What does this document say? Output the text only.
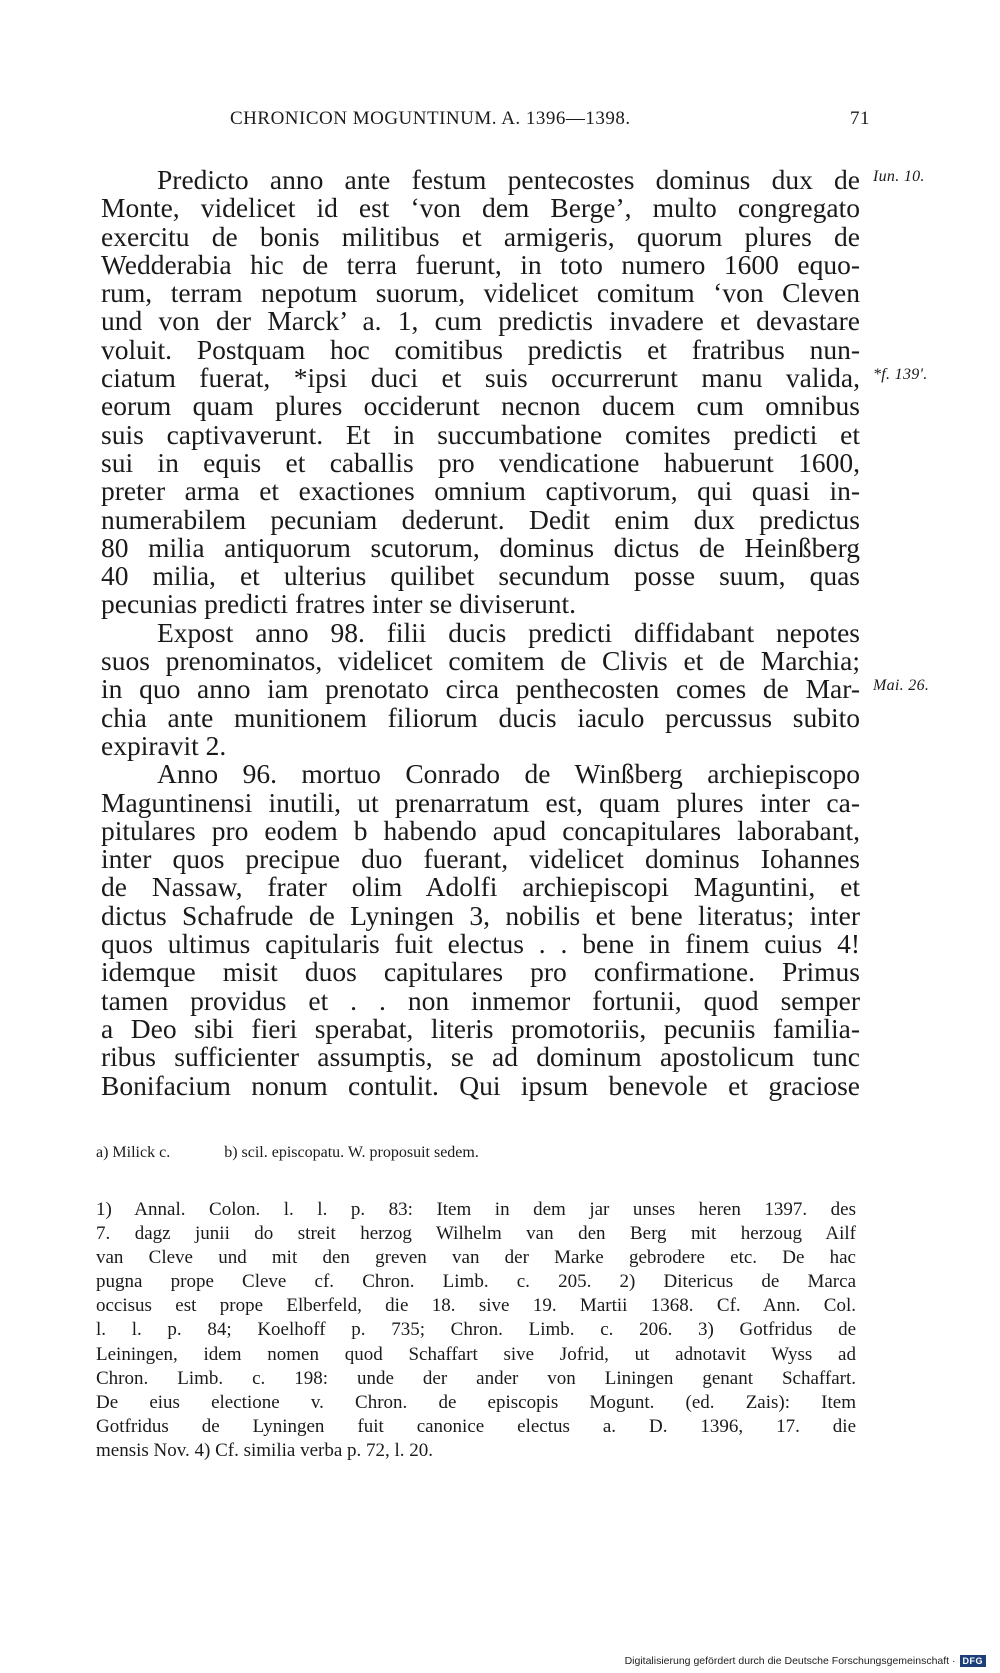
CHRONICON MOGUNTINUM. A. 1396—1398.	71
Predicto anno ante festum pentecostes dominus dux de
Monte, videlicet id est ‘von dem Berge’, multo congregato
exercitu de bonis militibus et armigeris, quorum plures de
Wedderabia hic de terra fuerunt, in toto numero 1600 equo-
rum, terram nepotum suorum, videlicet comitum ‘von Cleven
und von der Marck’ a. 1, cum predictis invadere et devastare
voluit. Postquam hoc comitibus predictis et fratribus nun-
ciatum fuerat, *ipsi duci et suis occurrerunt manu valida,
eorum quam plures occiderunt necnon ducem cum omnibus
suis captivaverunt. Et in succumbatione comites predicti et
sui in equis et caballis pro vendicatione habuerunt 1600,
preter arma et exactiones omnium captivorum, qui quasi in-
numerabilem pecuniam dederunt. Dedit enim dux predictus
80 milia antiquorum scutorum, dominus dictus de Heinßberg
40 milia, et ulterius quilibet secundum posse suum, quas
pecunias predicti fratres inter se diviserunt.
Expost anno 98. filii ducis predicti diffidabant nepotes
suos prenominatos, videlicet comitem de Clivis et de Marchia;
in quo anno iam prenotato circa penthecosten comes de Mar-
chia ante munitionem filiorum ducis iaculo percussus subito
expiravit 2.
Anno 96. mortuo Conrado de Winßberg archiepiscopo
Maguntinensi inutili, ut prenarratum est, quam plures inter ca-
pitulares pro eodem b habendo apud concapitulares laborabant,
inter quos precipue duo fuerant, videlicet dominus Iohannes
de Nassaw, frater olim Adolfi archiepiscopi Maguntini, et
dictus Schafrude de Lyningen 3, nobilis et bene literatus; inter
quos ultimus capitularis fuit electus . . bene in finem cuius 4!
idemque misit duos capitulares pro confirmatione. Primus
tamen providus et . . non inmemor fortunii, quod semper
a Deo sibi fieri sperabat, literis promotoriis, pecuniis familia-
ribus sufficienter assumptis, se ad dominum apostolicum tunc
Bonifacium nonum contulit. Qui ipsum benevole et graciose
Iun. 10.
*f. 139'.
Mai. 26.
a) Milick c.	b) scil. episcopatu. W. proposuit sedem.
1) Annal. Colon. l. l. p. 83: Item in dem jar unses heren 1397. des
7. dagz junii do streit herzog Wilhelm van den Berg mit herzoug Ailf
van Cleve und mit den greven van der Marke gebrodere etc. De hac
pugna prope Cleve cf. Chron. Limb. c. 205. 2) Ditericus de Marca
occisus est prope Elberfeld, die 18. sive 19. Martii 1368. Cf. Ann. Col.
l. l. p. 84; Koelhoff p. 735; Chron. Limb. c. 206. 3) Gotfridus de
Leiningen, idem nomen quod Schaffart sive Jofrid, ut adnotavit Wyss ad
Chron. Limb. c. 198: unde der ander von Liningen genant Schaffart.
De eius electione v. Chron. de episcopis Mogunt. (ed. Zais): Item
Gotfridus de Lyningen fuit canonice electus a. D. 1396, 17. die
mensis Nov. 4) Cf. similia verba p. 72, l. 20.
Digitalisierung gefördert durch die Deutsche Forschungsgemeinschaft · DFG
